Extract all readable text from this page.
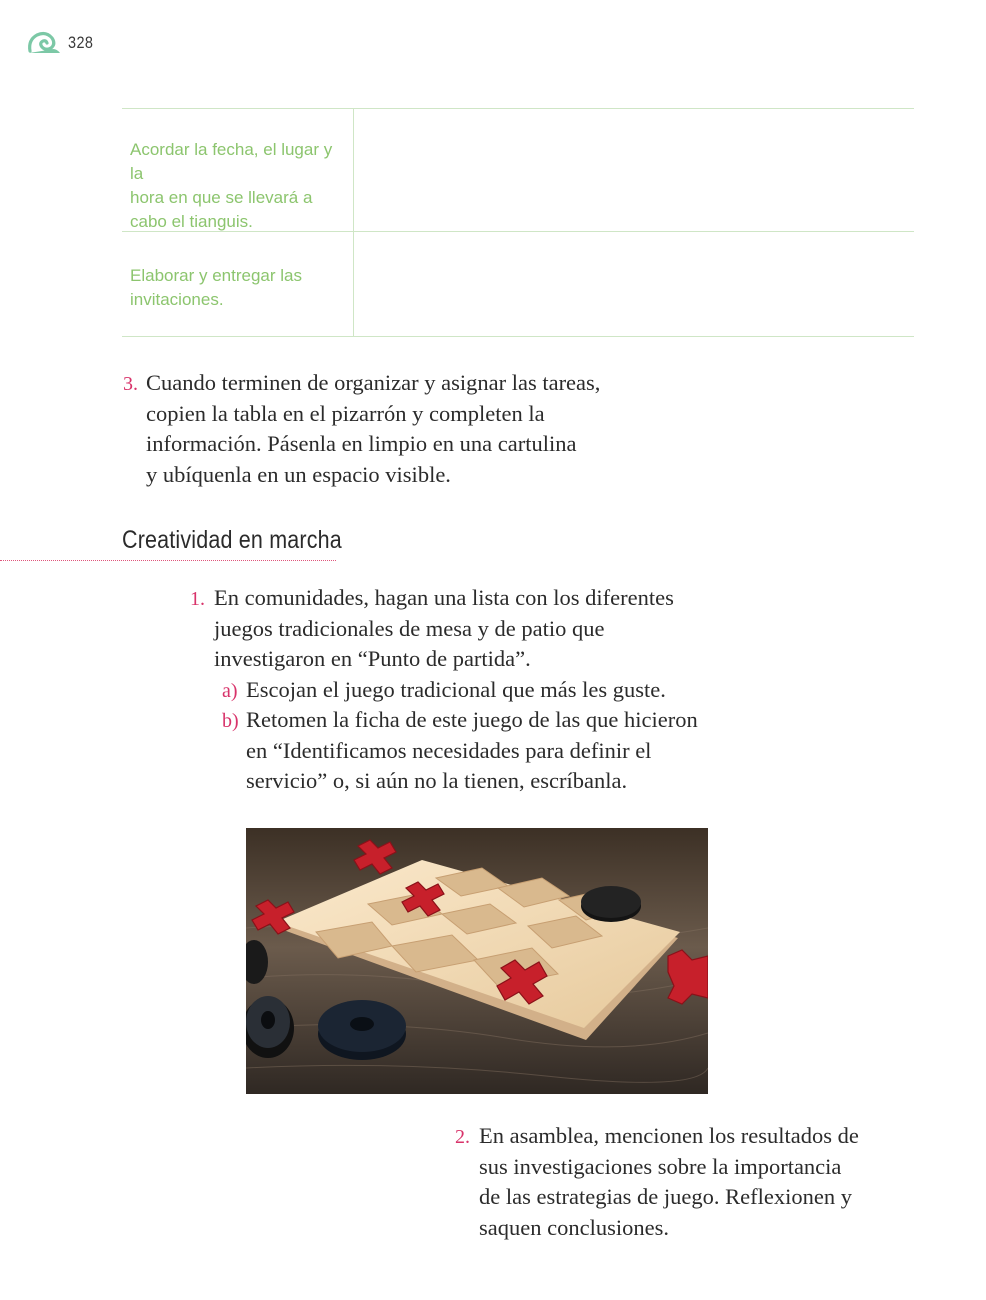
328
Acordar la fecha, el lugar y la
hora en que se llevará a
cabo el tianguis.
Elaborar y entregar las
invitaciones.
3. Cuando terminen de organizar y asignar las tareas,
copien la tabla en el pizarrón y completen la
información. Pásenla en limpio en una cartulina
y ubíquenla en un espacio visible.
Creatividad en marcha
1. En comunidades, hagan una lista con los diferentes
juegos tradicionales de mesa y de patio que
investigaron en “Punto de partida”.
a) Escojan el juego tradicional que más les guste.
b) Retomen la ficha de este juego de las que hicieron
en “Identificamos necesidades para definir el
servicio” o, si aún no la tienen, escríbanla.
2. En asamblea, mencionen los resultados de
sus investigaciones sobre la importancia
de las estrategias de juego. Reflexionen y
saquen conclusiones.
